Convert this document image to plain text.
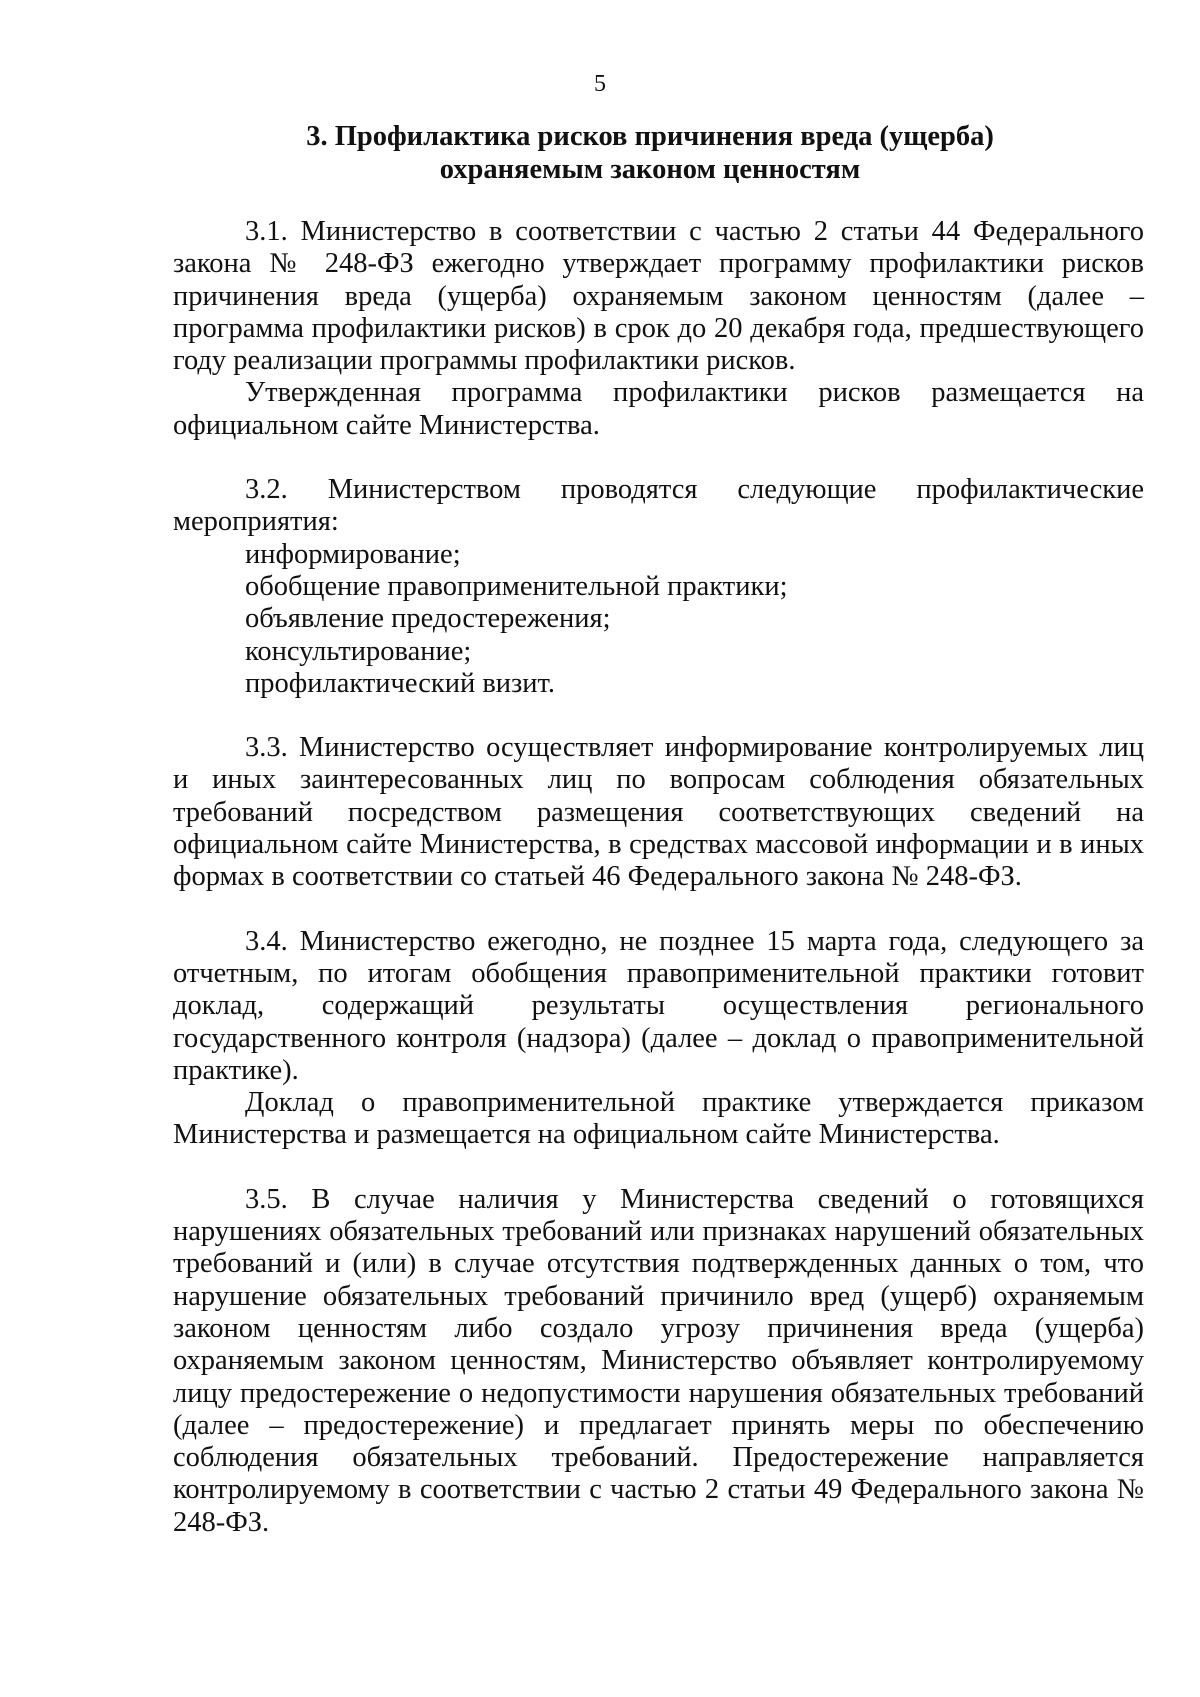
5
3. Профилактика рисков причинения вреда (ущерба)
охраняемым законом ценностям

3.1. Министерство в соответствии с частью 2 статьи 44 Федерального закона № 248-ФЗ ежегодно утверждает программу профилактики рисков причинения вреда (ущерба) охраняемым законом ценностям (далее – программа профилактики рисков) в срок до 20 декабря года, предшествующего году реализации программы профилактики рисков.

Утвержденная программа профилактики рисков размещается на официальном сайте Министерства.

3.2. Министерством проводятся следующие профилактические мероприятия:

информирование;
обобщение правоприменительной практики;
объявление предостережения;
консультирование;
профилактический визит.

3.3. Министерство осуществляет информирование контролируемых лиц и иных заинтересованных лиц по вопросам соблюдения обязательных требований посредством размещения соответствующих сведений на официальном сайте Министерства, в средствах массовой информации и в иных формах в соответствии со статьей 46 Федерального закона № 248-ФЗ.

3.4. Министерство ежегодно, не позднее 15 марта года, следующего за отчетным, по итогам обобщения правоприменительной практики готовит доклад, содержащий результаты осуществления регионального государственного контроля (надзора) (далее – доклад о правоприменительной практике).

Доклад о правоприменительной практике утверждается приказом Министерства и размещается на официальном сайте Министерства.

3.5. В случае наличия у Министерства сведений о готовящихся нарушениях обязательных требований или признаках нарушений обязательных требований и (или) в случае отсутствия подтвержденных данных о том, что нарушение обязательных требований причинило вред (ущерб) охраняемым законом ценностям либо создало угрозу причинения вреда (ущерба) охраняемым законом ценностям, Министерство объявляет контролируемому лицу предостережение о недопустимости нарушения обязательных требований (далее – предостережение) и предлагает принять меры по обеспечению соблюдения обязательных требований. Предостережение направляется контролируемому в соответствии с частью 2 статьи 49 Федерального закона № 248-ФЗ.
